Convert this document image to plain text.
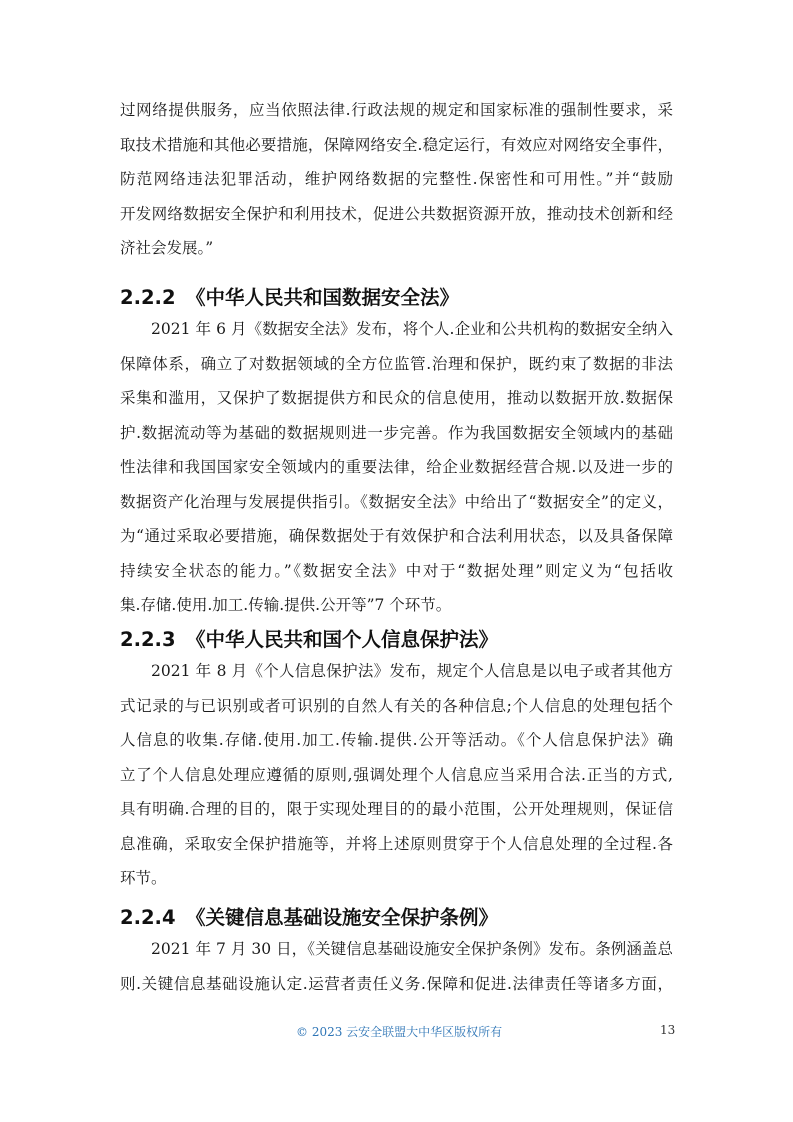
过网络提供服务，应当依照法律.行政法规的规定和国家标准的强制性要求，采
取技术措施和其他必要措施，保障网络安全.稳定运行，有效应对网络安全事件，
防范网络违法犯罪活动，维护网络数据的完整性.保密性和可用性。”并“鼓励
开发网络数据安全保护和利用技术，促进公共数据资源开放，推动技术创新和经
济社会发展。”
2.2.2 《中华人民共和国数据安全法》
2021 年 6 月《数据安全法》发布，将个人.企业和公共机构的数据安全纳入
保障体系，确立了对数据领域的全方位监管.治理和保护，既约束了数据的非法
采集和滥用，又保护了数据提供方和民众的信息使用，推动以数据开放.数据保
护.数据流动等为基础的数据规则进一步完善。作为我国数据安全领域内的基础
性法律和我国国家安全领域内的重要法律，给企业数据经营合规.以及进一步的
数据资产化治理与发展提供指引。《数据安全法》中给出了“数据安全”的定义，
为“通过采取必要措施，确保数据处于有效保护和合法利用状态，以及具备保障
持续安全状态的能力。”《数据安全法》中对于“数据处理”则定义为“包括收
集.存储.使用.加工.传输.提供.公开等”7 个环节。
2.2.3 《中华人民共和国个人信息保护法》
2021 年 8 月《个人信息保护法》发布，规定个人信息是以电子或者其他方
式记录的与已识别或者可识别的自然人有关的各种信息;个人信息的处理包括个
人信息的收集.存储.使用.加工.传输.提供.公开等活动。《个人信息保护法》确
立了个人信息处理应遵循的原则,强调处理个人信息应当采用合法.正当的方式,
具有明确.合理的目的，限于实现处理目的的最小范围，公开处理规则，保证信
息准确，采取安全保护措施等，并将上述原则贯穿于个人信息处理的全过程.各
环节。
2.2.4 《关键信息基础设施安全保护条例》
2021 年 7 月 30 日，《关键信息基础设施安全保护条例》发布。条例涵盖总
则.关键信息基础设施认定.运营者责任义务.保障和促进.法律责任等诸多方面，
© 2023 云安全联盟大中华区版权所有	13
